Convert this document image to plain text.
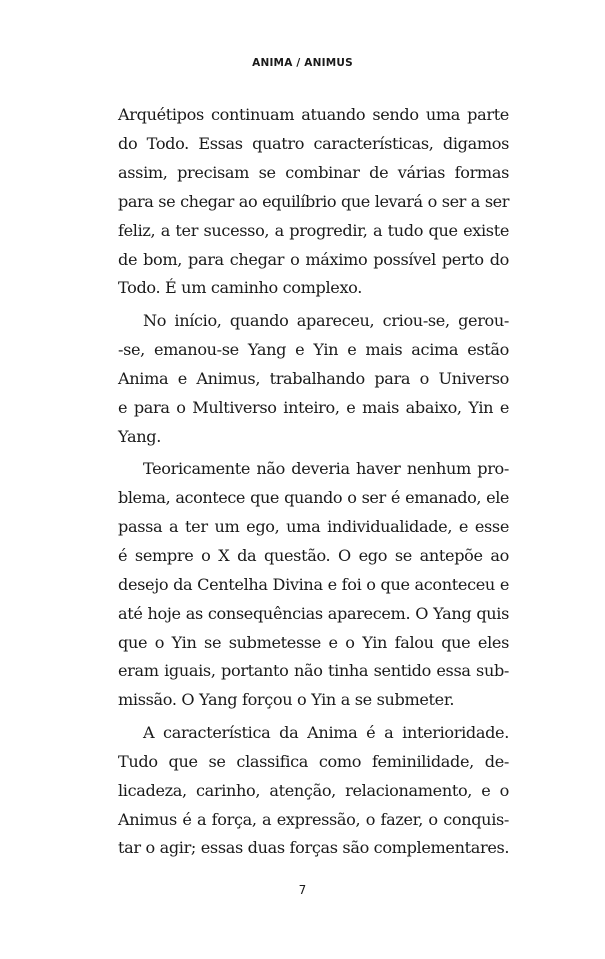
ANIMA / ANIMUS
Arquétipos continuam atuando sendo uma parte
do Todo. Essas quatro características, digamos
assim, precisam se combinar de várias formas
para se chegar ao equilíbrio que levará o ser a ser
feliz, a ter sucesso, a progredir, a tudo que existe
de bom, para chegar o máximo possível perto do
Todo. É um caminho complexo.
No início, quando apareceu, criou-se, gerou-
-se, emanou-se Yang e Yin e mais acima estão
Anima e Animus, trabalhando para o Universo
e para o Multiverso inteiro, e mais abaixo, Yin e
Yang.
Teoricamente não deveria haver nenhum pro-
blema, acontece que quando o ser é emanado, ele
passa a ter um ego, uma individualidade, e esse
é sempre o X da questão. O ego se antepõe ao
desejo da Centelha Divina e foi o que aconteceu e
até hoje as consequências aparecem. O Yang quis
que o Yin se submetesse e o Yin falou que eles
eram iguais, portanto não tinha sentido essa sub-
missão. O Yang forçou o Yin a se submeter.
A característica da Anima é a interioridade.
Tudo que se classifica como feminilidade, de-
licadeza, carinho, atenção, relacionamento, e o
Animus é a força, a expressão, o fazer, o conquis-
tar o agir; essas duas forças são complementares.
7
